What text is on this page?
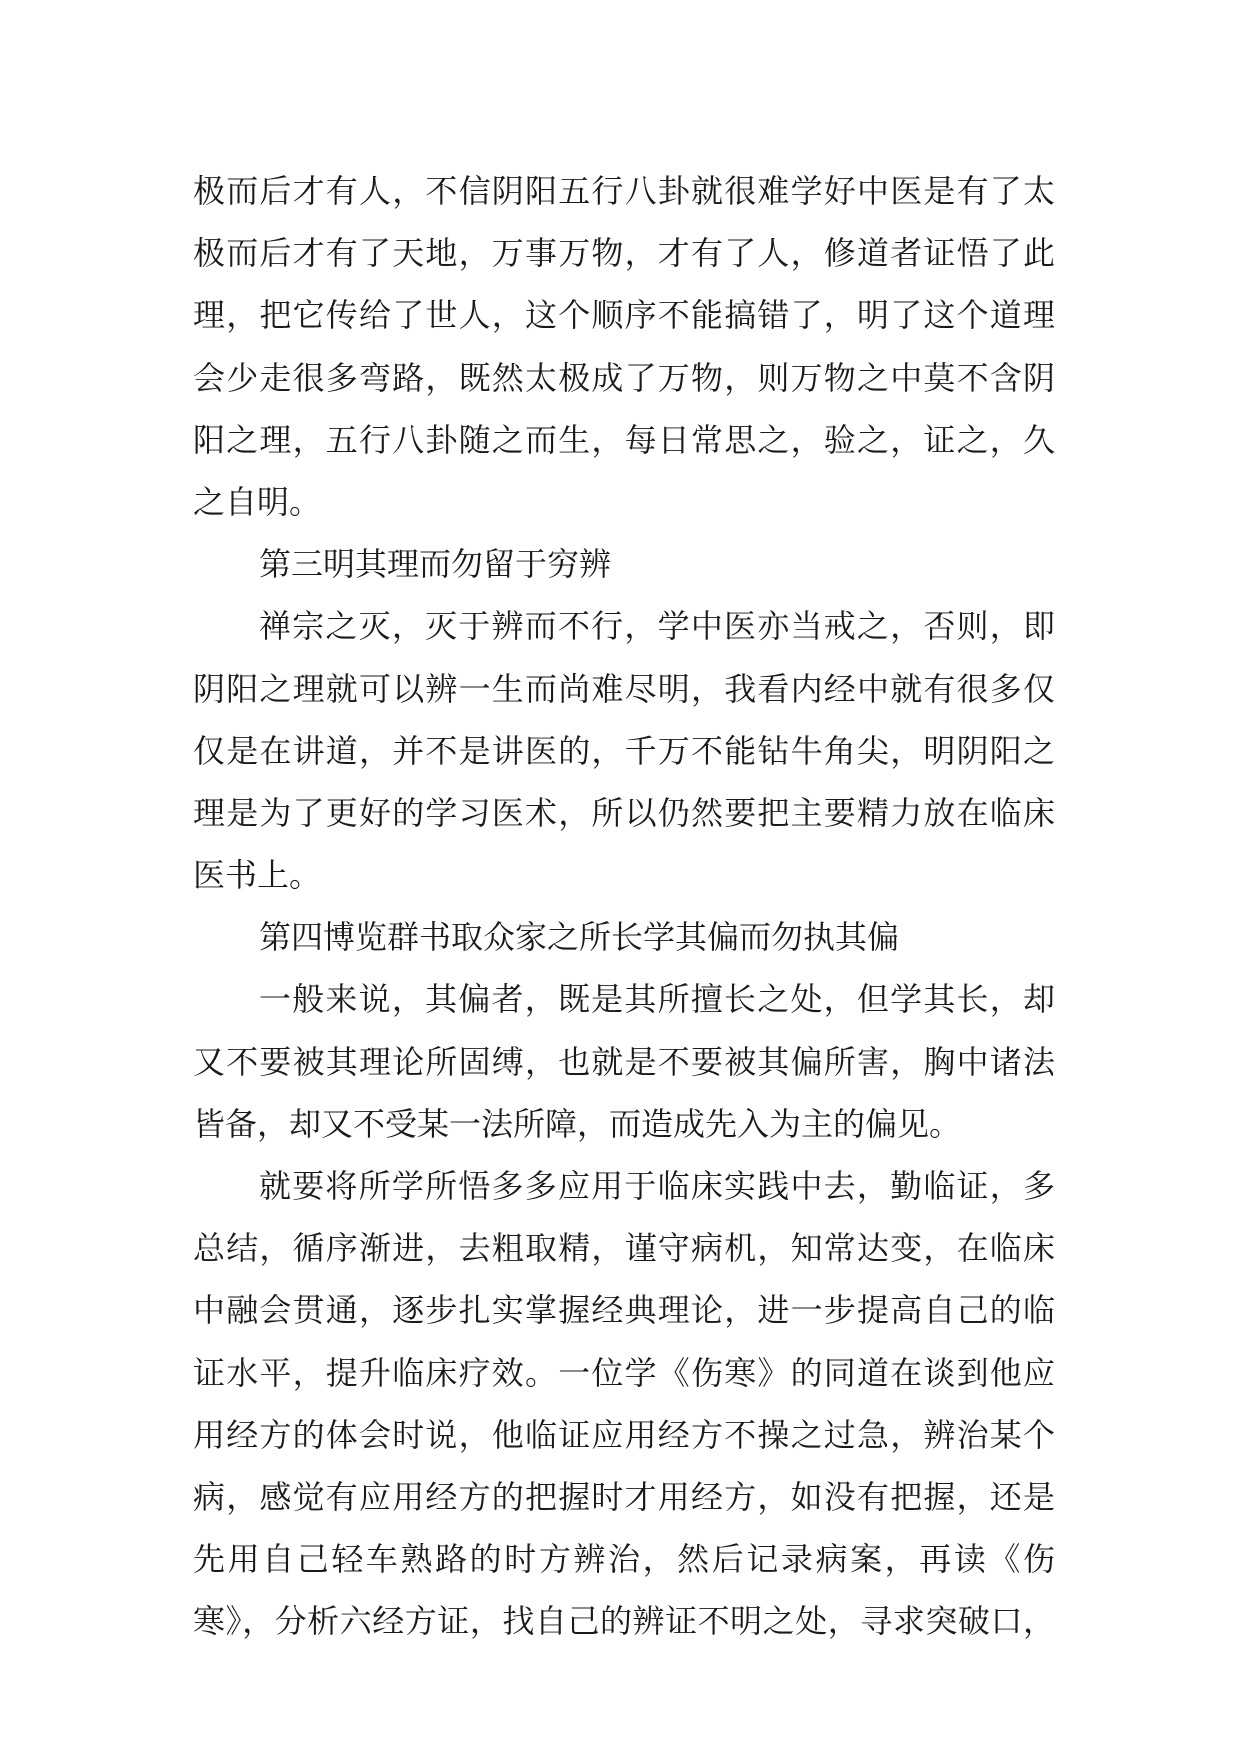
极而后才有人，不信阴阳五行八卦就很难学好中医是有了太
极而后才有了天地，万事万物，才有了人，修道者证悟了此
理，把它传给了世人，这个顺序不能搞错了，明了这个道理
会少走很多弯路，既然太极成了万物，则万物之中莫不含阴
阳之理，五行八卦随之而生，每日常思之，验之，证之，久
之自明。
第三明其理而勿留于穷辨
禅宗之灭，灭于辨而不行，学中医亦当戒之，否则，即
阴阳之理就可以辨一生而尚难尽明，我看内经中就有很多仅
仅是在讲道，并不是讲医的，千万不能钻牛角尖，明阴阳之
理是为了更好的学习医术，所以仍然要把主要精力放在临床
医书上。
第四博览群书取众家之所长学其偏而勿执其偏
一般来说，其偏者，既是其所擅长之处，但学其长，却
又不要被其理论所固缚，也就是不要被其偏所害，胸中诸法
皆备，却又不受某一法所障，而造成先入为主的偏见。
就要将所学所悟多多应用于临床实践中去，勤临证，多
总结，循序渐进，去粗取精，谨守病机，知常达变，在临床
中融会贯通，逐步扎实掌握经典理论，进一步提高自己的临
证水平，提升临床疗效。一位学《伤寒》的同道在谈到他应
用经方的体会时说，他临证应用经方不操之过急，辨治某个
病，感觉有应用经方的把握时才用经方，如没有把握，还是
先用自己轻车熟路的时方辨治，然后记录病案，再读《伤
寒》，分析六经方证，找自己的辨证不明之处，寻求突破口，
